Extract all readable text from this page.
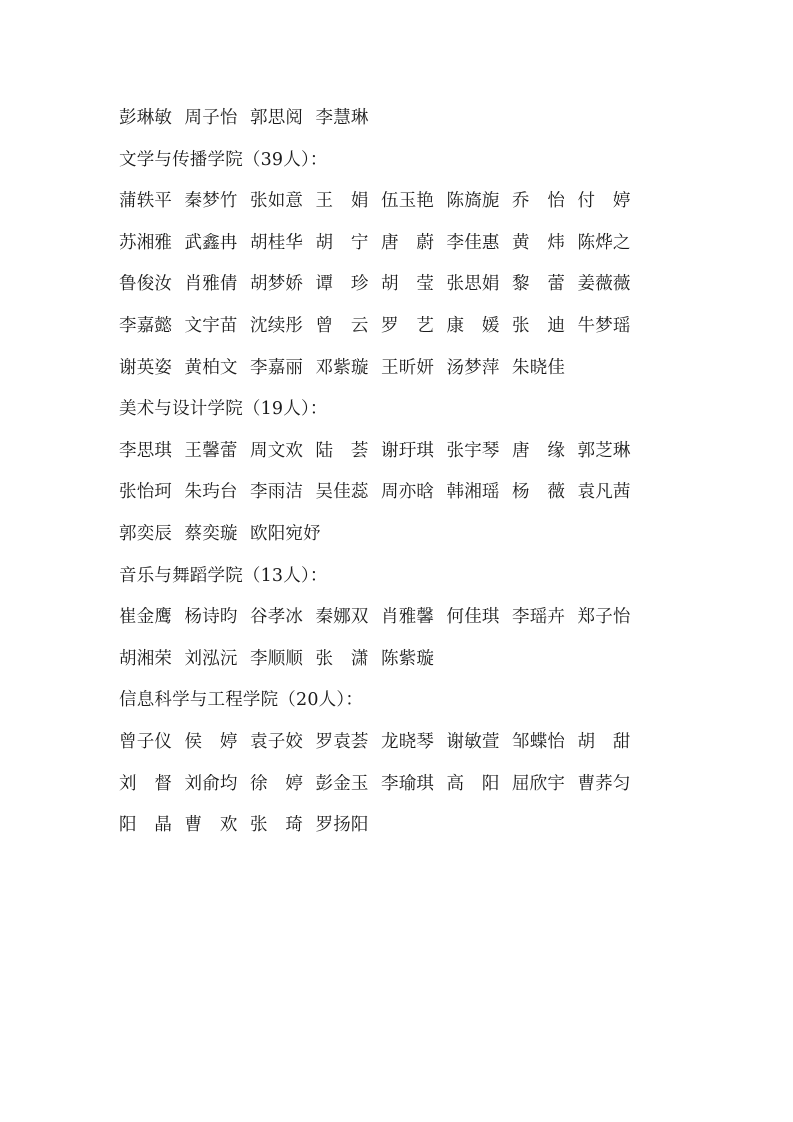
彭琳敏 周子怡 郭思阅 李慧琳
文学与传播学院（39人）：
蒲轶平 秦梦竹 张如意 王　娟 伍玉艳 陈旖旎 乔　怡 付　婷
苏湘雅 武鑫冉 胡桂华 胡　宁 唐　蔚 李佳惠 黄　炜 陈烨之
鲁俊汝 肖雅倩 胡梦娇 谭　珍 胡　莹 张思娟 黎　蕾 姜薇薇
李嘉懿 文宇苗 沈续彤 曾　云 罗　艺 康　媛 张　迪 牛梦瑶
谢英姿 黄柏文 李嘉丽 邓紫璇 王昕妍 汤梦萍 朱晓佳
美术与设计学院（19人）：
李思琪 王馨蕾 周文欢 陆　荟 谢玗琪 张宇琴 唐　缘 郭芝琳
张怡珂 朱玙台 李雨洁 吴佳蕊 周亦晗 韩湘瑶 杨　薇 袁凡茜
郭奕辰 蔡奕璇 欧阳宛妤
音乐与舞蹈学院（13人）：
崔金鹰 杨诗昀 谷孝冰 秦娜双 肖雅馨 何佳琪 李瑶卉 郑子怡
胡湘荣 刘泓沅 李顺顺 张　潇 陈紫璇
信息科学与工程学院（20人）：
曾子仪 侯　婷 袁子姣 罗袁荟 龙晓琴 谢敏萱 邹蝶怡 胡　甜
刘　督 刘俞均 徐　婷 彭金玉 李瑜琪 高　阳 屈欣宇 曹荞匀
阳　晶 曹　欢 张　琦 罗扬阳
